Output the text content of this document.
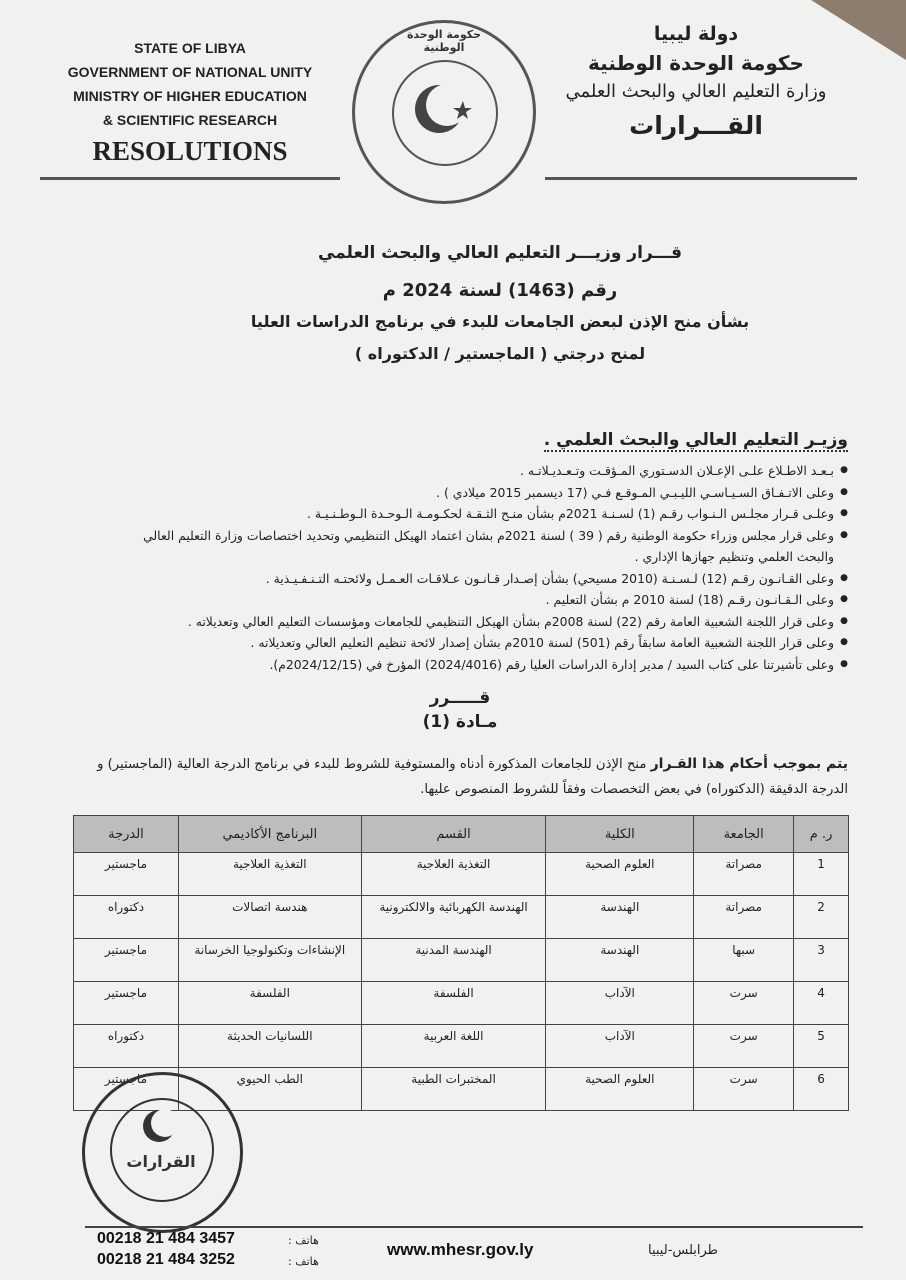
STATE OF LIBYA
GOVERNMENT OF NATIONAL UNITY
MINISTRY OF HIGHER EDUCATION
& SCIENTIFIC RESEARCH
RESOLUTIONS
حكومة الوحدة الوطنية
دولة ليبيا
حكومة الوحدة الوطنية
وزارة التعليم العالي والبحث العلمي
القـــرارات
قـــرار وزيـــر التعليم العالي والبحث العلمي
رقم (1463) لسنة 2024 م
بشأن منح الإذن لبعض الجامعات للبدء في برنامج الدراسات العليا
لمنح درجتي ( الماجستير / الدكتوراه )
وزيـر التعليم العالي والبحث العلمي .
● بـعـد الاطـلاع علـى الإعـلان الدسـتوري المـؤقـت وتـعـديـلاتـه .
● وعلى الاتـفـاق السـيـاسـي الليـبـي المـوقـع فـي (17 ديسمبر 2015 ميلادي ) .
● وعلـى قـرار مجلـس الـنـواب رقـم (1) لسـنـة 2021م بشأن منـح الثـقـة لحكـومـة الـوحـدة الـوطـنـيـة .
● وعلى قرار مجلس وزراء حكومة الوطنية رقم ( 39 ) لسنة 2021م بشان اعتماد الهيكل التنظيمي وتحديد اختصاصات وزارة التعليم العالي والبحث العلمي وتنظيم جهازها الإداري .
● وعلى القـانـون رقـم (12) لـسـنـة (2010 مسيحي) بشأن إصـدار قـانـون عـلاقـات العـمـل ولائحتـه التـنـفـيـذية .
● وعلى الـقـانـون رقـم (18) لسنة 2010 م بشأن التعليم .
● وعلى قرار اللجنة الشعبية العامة رقم (22) لسنة 2008م بشأن الهيكل التنظيمي للجامعات ومؤسسات التعليم العالي وتعديلاته .
● وعلى قرار اللجنة الشعبية العامة سابقاً رقم (501) لسنة 2010م بشأن إصدار لائحة تنظيم التعليم العالي وتعديلاته .
● وعلى تأشيرتنا على كتاب السيد / مدير إدارة الدراسات العليا رقم (2024/4016) المؤرخ في (2024/12/15م).
قـــــرر
مـادة (1)
يتم بموجب أحكام هذا القـرار منح الإذن للجامعات المذكورة أدناه والمستوفية للشروط للبدء في برنامج الدرجة العالية (الماجستير) و الدرجة الدقيقة (الدكتوراه) في بعض التخصصات وفقاً للشروط المنصوص عليها.
ر. م	الجامعة	الكلية	القسم	البرنامج الأكاديمي	الدرجة
1	مصراتة	العلوم الصحية	التغذية العلاجية	التغذية العلاجية	ماجستير
2	مصراتة	الهندسة	الهندسة الكهربائية والالكترونية	هندسة اتصالات	دكتوراه
3	سبها	الهندسة	الهندسة المدنية	الإنشاءات وتكنولوجيا الخرسانة	ماجستير
4	سرت	الآداب	الفلسفة	الفلسفة	ماجستير
5	سرت	الآداب	اللغة العربية	اللسانيات الحديثة	دكتوراه
6	سرت	العلوم الصحية	المختبرات الطبية	الطب الحيوي	ماجستير
القرارات
00218 21 484 3457
00218 21 484 3252
هاتف :
هاتف :
www.mhesr.gov.ly	طرابلس-ليبيا
